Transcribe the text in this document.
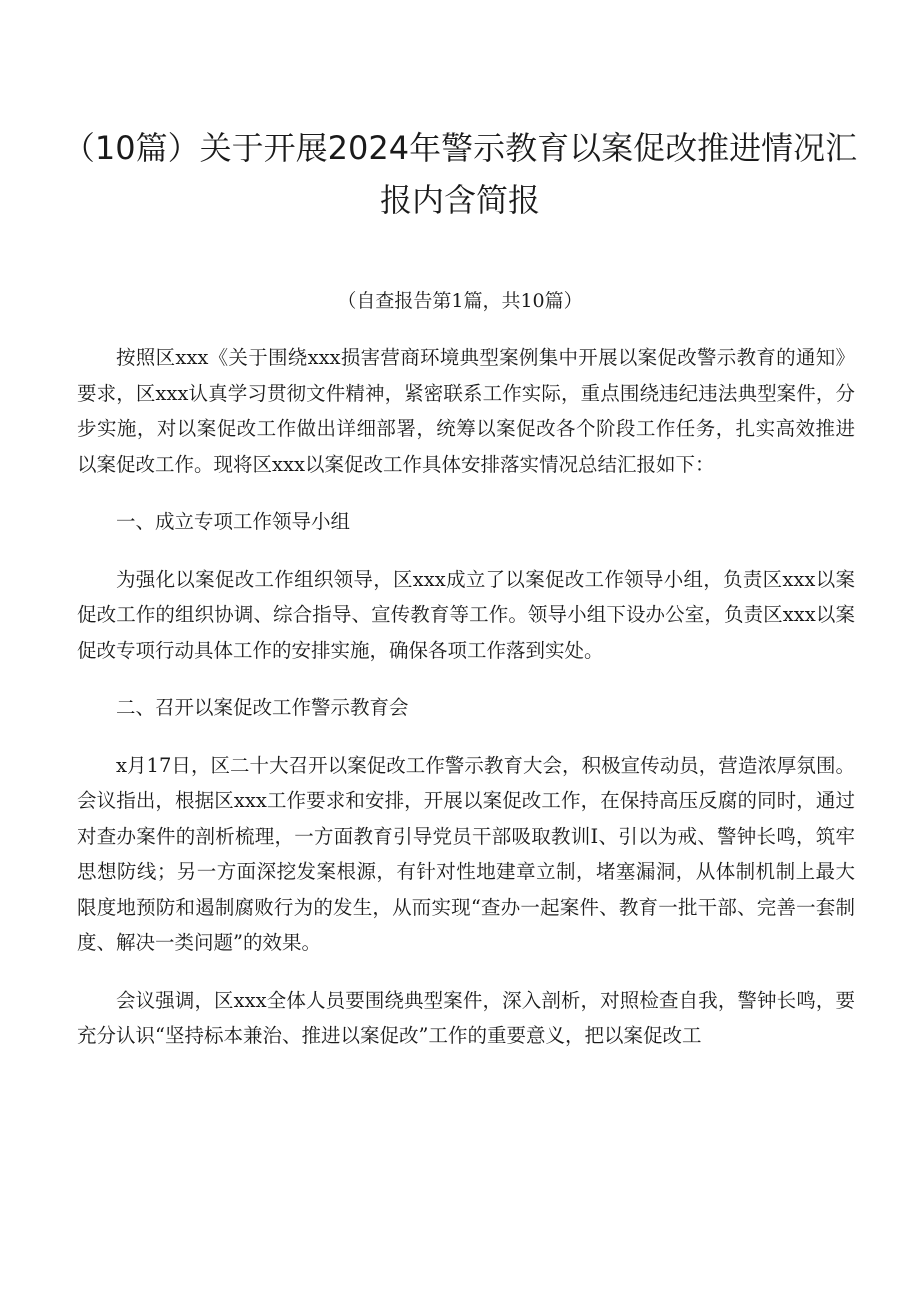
（10篇）关于开展2024年警示教育以案促改推进情况汇报内含简报

（自查报告第1篇，共10篇）

按照区xxx《关于围绕xxx损害营商环境典型案例集中开展以案促改警示教育的通知》要求，区xxx认真学习贯彻文件精神，紧密联系工作实际，重点围绕违纪违法典型案件，分步实施，对以案促改工作做出详细部署，统筹以案促改各个阶段工作任务，扎实高效推进以案促改工作。现将区xxx以案促改工作具体安排落实情况总结汇报如下：

一、成立专项工作领导小组

为强化以案促改工作组织领导，区xxx成立了以案促改工作领导小组，负责区xxx以案促改工作的组织协调、综合指导、宣传教育等工作。领导小组下设办公室，负责区xxx以案促改专项行动具体工作的安排实施，确保各项工作落到实处。

二、召开以案促改工作警示教育会

x月17日，区二十大召开以案促改工作警示教育大会，积极宣传动员，营造浓厚氛围。会议指出，根据区xxx工作要求和安排，开展以案促改工作，在保持高压反腐的同时，通过对查办案件的剖析梳理，一方面教育引导党员干部吸取教训I、引以为戒、警钟长鸣，筑牢思想防线；另一方面深挖发案根源，有针对性地建章立制，堵塞漏洞，从体制机制上最大限度地预防和遏制腐败行为的发生，从而实现“查办一起案件、教育一批干部、完善一套制度、解决一类问题”的效果。

会议强调，区xxx全体人员要围绕典型案件，深入剖析，对照检查自我，警钟长鸣，要充分认识“坚持标本兼治、推进以案促改”工作的重要意义，把以案促改工
